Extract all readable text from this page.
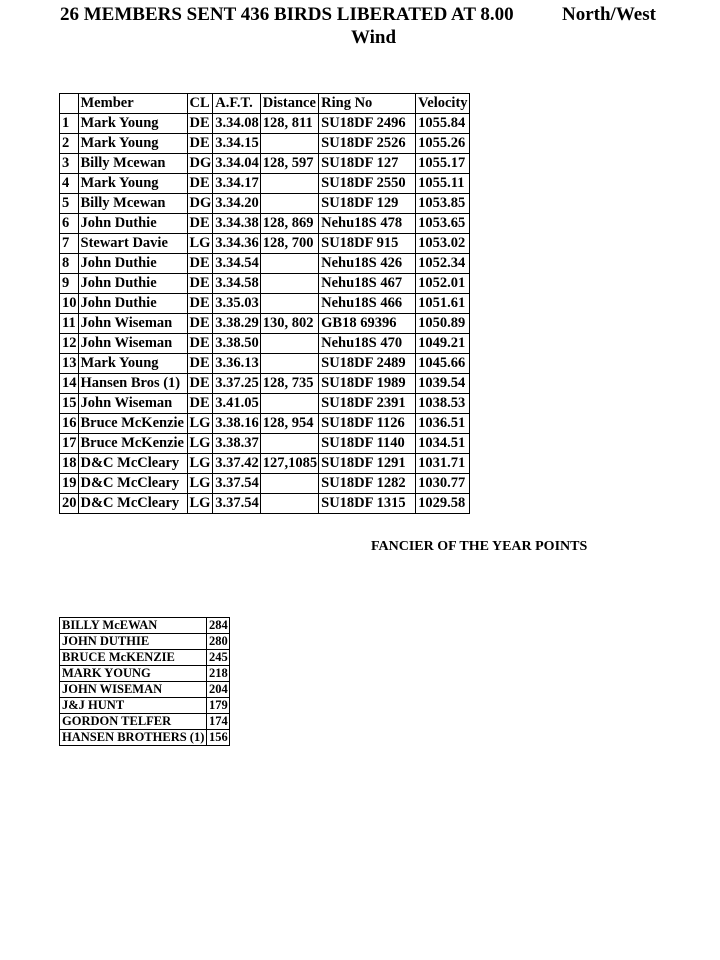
26 MEMBERS SENT 436 BIRDS LIBERATED AT 8.00	North/West
Wind
	Member	CL	A.F.T.	Distance	Ring No	Velocity
1	Mark Young	DE	3.34.08	128, 811	SU18DF 2496	1055.84
2	Mark Young	DE	3.34.15		SU18DF 2526	1055.26
3	Billy Mcewan	DG	3.34.04	128, 597	SU18DF 127	1055.17
4	Mark Young	DE	3.34.17		SU18DF 2550	1055.11
5	Billy Mcewan	DG	3.34.20		SU18DF 129	1053.85
6	John Duthie	DE	3.34.38	128, 869	Nehu18S 478	1053.65
7	Stewart Davie	LG	3.34.36	128, 700	SU18DF 915	1053.02
8	John Duthie	DE	3.34.54		Nehu18S 426	1052.34
9	John Duthie	DE	3.34.58		Nehu18S 467	1052.01
10	John Duthie	DE	3.35.03		Nehu18S 466	1051.61
11	John Wiseman	DE	3.38.29	130, 802	GB18 69396	1050.89
12	John Wiseman	DE	3.38.50		Nehu18S 470	1049.21
13	Mark Young	DE	3.36.13		SU18DF 2489	1045.66
14	Hansen Bros (1)	DE	3.37.25	128, 735	SU18DF 1989	1039.54
15	John Wiseman	DE	3.41.05		SU18DF 2391	1038.53
16	Bruce McKenzie	LG	3.38.16	128, 954	SU18DF 1126	1036.51
17	Bruce McKenzie	LG	3.38.37		SU18DF 1140	1034.51
18	D&C McCleary	LG	3.37.42	127,1085	SU18DF 1291	1031.71
19	D&C McCleary	LG	3.37.54		SU18DF 1282	1030.77
20	D&C McCleary	LG	3.37.54		SU18DF 1315	1029.58
FANCIER OF THE YEAR POINTS
BILLY McEWAN	284
JOHN DUTHIE	280
BRUCE McKENZIE	245
MARK YOUNG	218
JOHN WISEMAN	204
J&J HUNT	179
GORDON TELFER	174
HANSEN BROTHERS (1)	156
